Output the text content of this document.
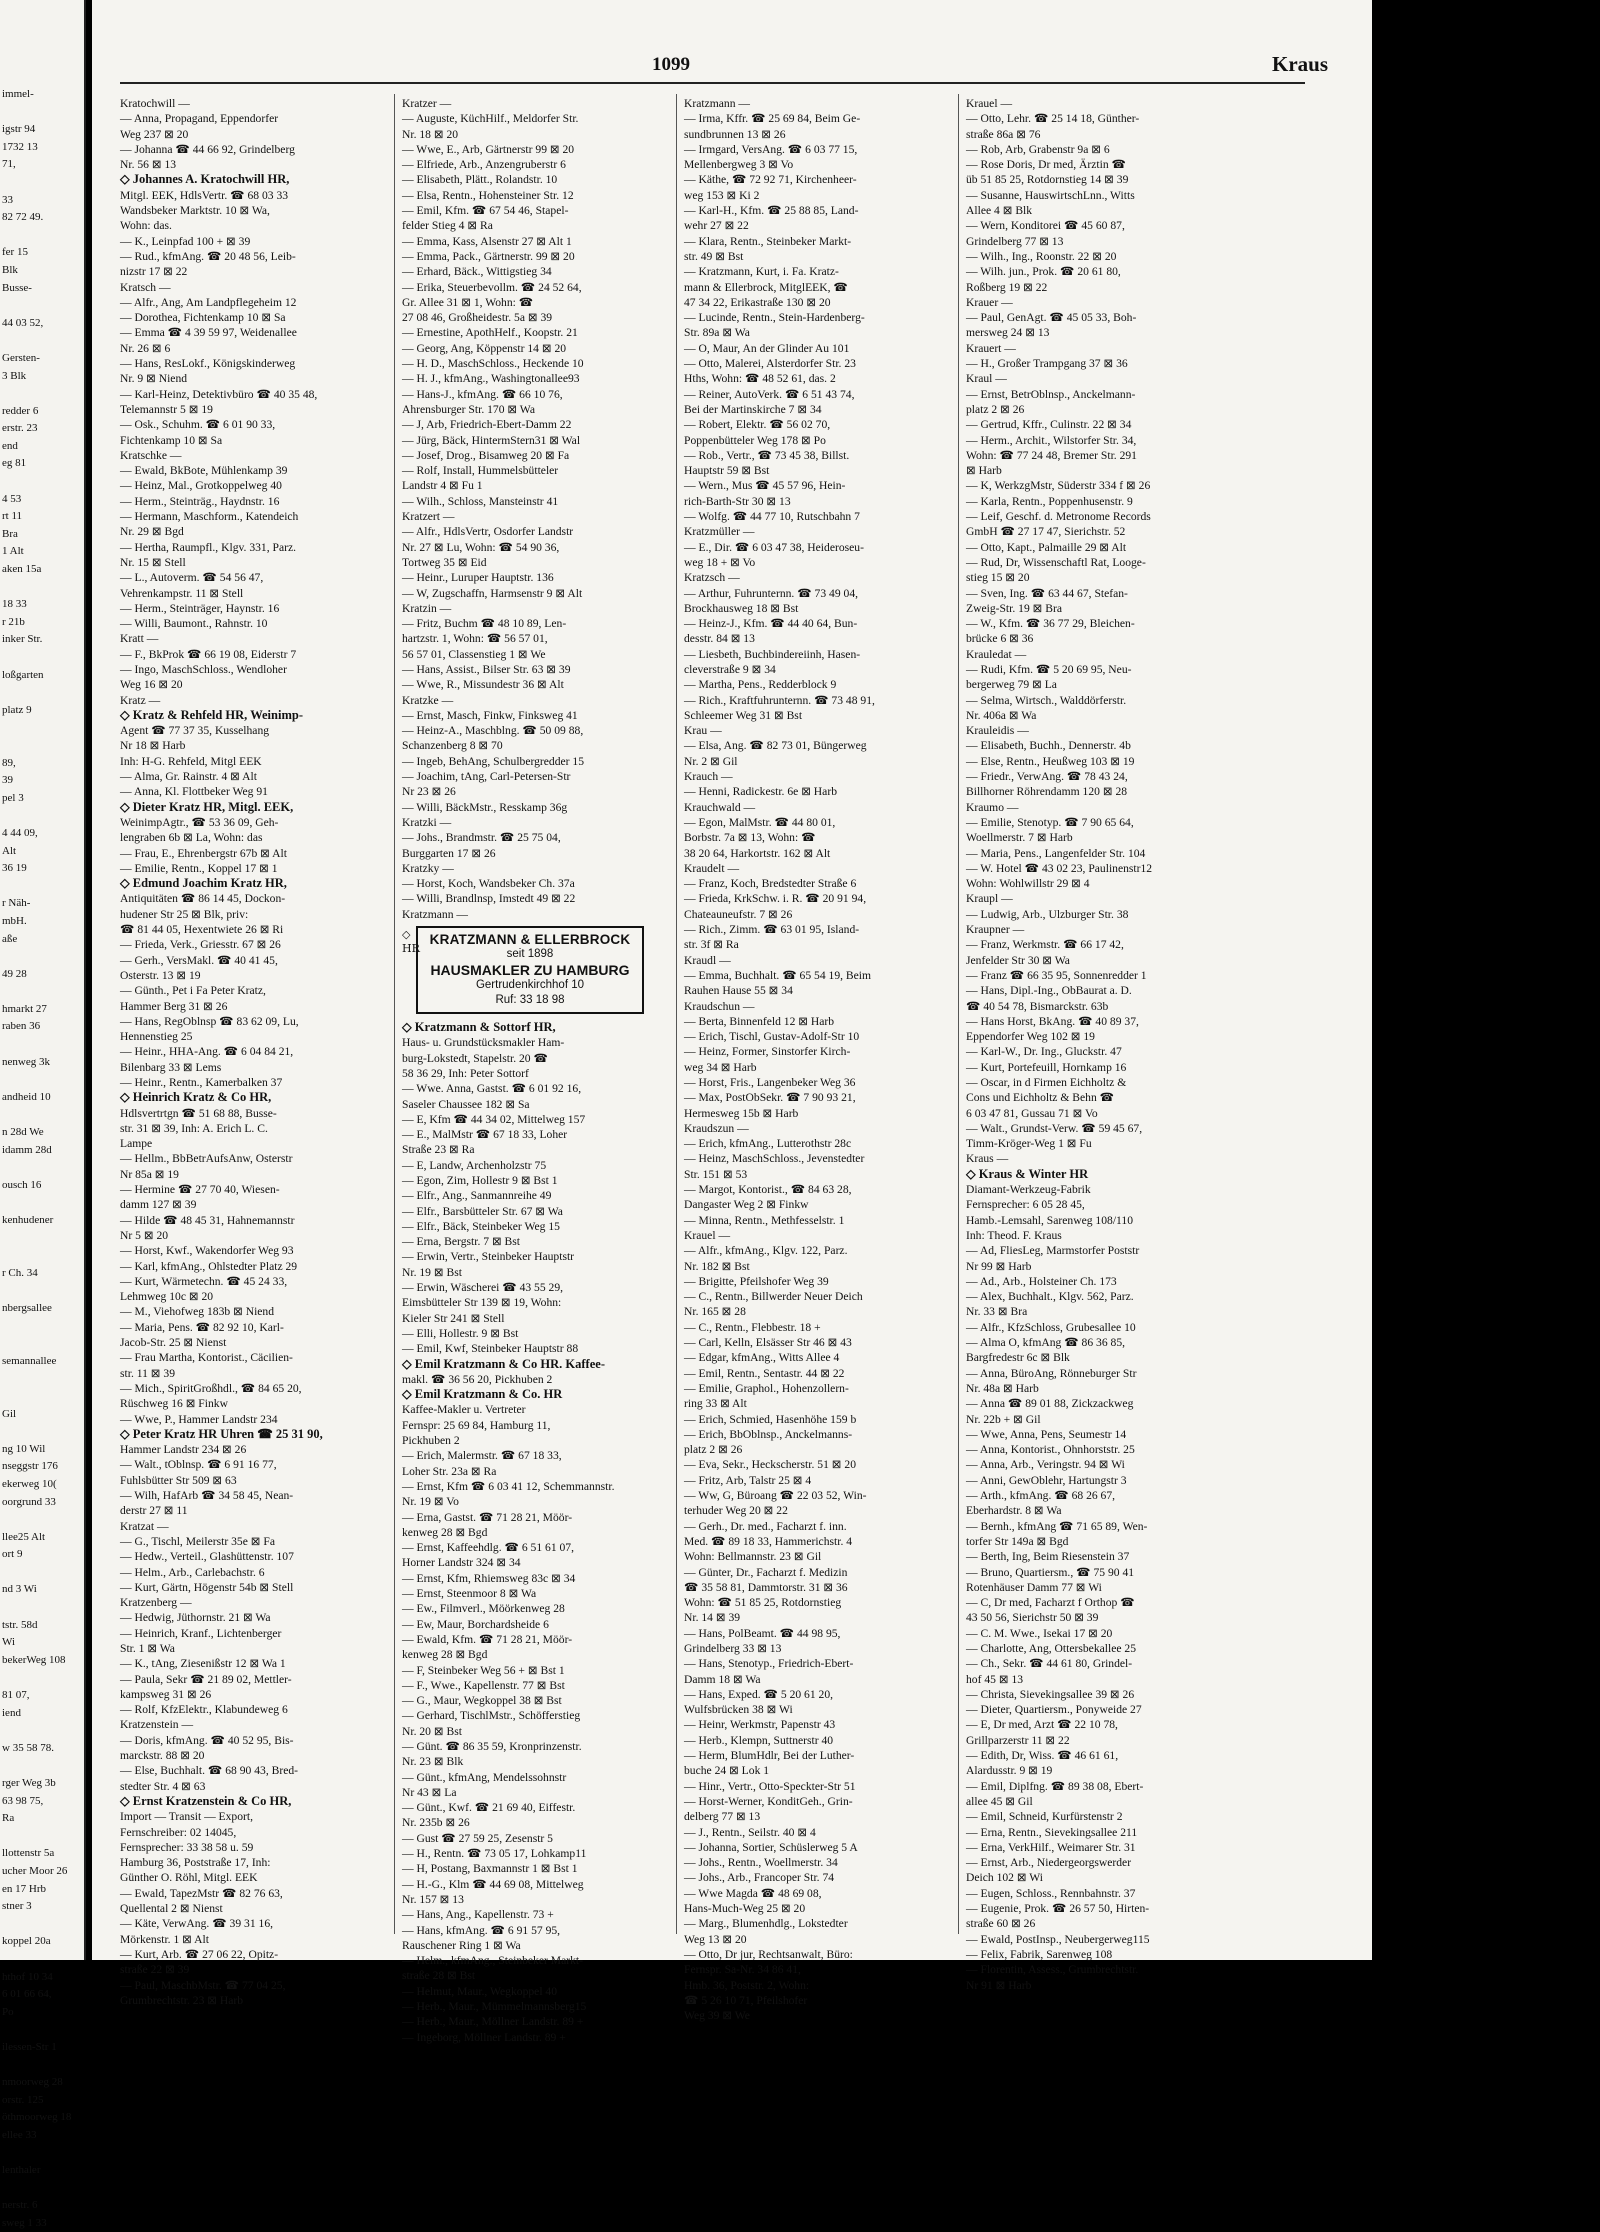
immel-

igstr 94
1732 13
71,

33
82 72 49.

fer 15
Blk
Busse-

44 03 52,

Gersten-
3 Blk

redder 6
erstr. 23
end
eg 81

4 53
rt 11
Bra
1 Alt
aken 15a

18 33
r 21b
inker Str.

loßgarten

platz 9

89,
39
pel 3

4 44 09,
Alt
36 19

r Näh-
mbH.
aße

49 28

hmarkt 27
raben 36

nenweg 3k

andheid 10

n 28d We
idamm 28d

ousch 16

kenhudener

r Ch. 34

nbergsallee

semannallee

Gil

ng 10 Wil
nseggstr 176
ekerweg 10(
oorgrund 33

llee25 Alt
ort 9

nd 3 Wi

tstr. 58d
Wi
bekerWeg 108

81 07,
iend

w 35 58 78.

rger Weg 3b
63 98 75,
Ra

llottenstr 5a
ucher Moor 26
en 17 Hrb
stner 3

koppel 20a

hthof 10 34
6 01 66 64,
Po

ilessen-Str 1

nmoorweg 28
orstr. 125
öthmoorweg 18
ellee 33

lenthaler

nerstr. 6
sweg 1 33
1099	Kraus
Kratochwill —
— Anna, Propagand, Eppendorfer
Weg 237 ⊠ 20
— Johanna ☎ 44 66 92, Grindelberg
Nr. 56 ⊠ 13
◇ Johannes A. Kratochwill HR,
Mitgl. EEK, HdlsVertr. ☎ 68 03 33
Wandsbeker Marktstr. 10 ⊠ Wa,
Wohn: das.
— K., Leinpfad 100 + ⊠ 39
— Rud., kfmAng. ☎ 20 48 56, Leib-
nizstr 17 ⊠ 22
Kratsch —
— Alfr., Ang, Am Landpflegeheim 12
— Dorothea, Fichtenkamp 10 ⊠ Sa
— Emma ☎ 4 39 59 97, Weidenallee
Nr. 26 ⊠ 6
— Hans, ResLokf., Königskinderweg
Nr. 9 ⊠ Niend
— Karl-Heinz, Detektivbüro ☎ 40 35 48,
Telemannstr 5 ⊠ 19
— Osk., Schuhm. ☎ 6 01 90 33,
Fichtenkamp 10 ⊠ Sa
Kratschke —
— Ewald, BkBote, Mühlenkamp 39
— Heinz, Mal., Grotkoppelweg 40
— Herm., Steinträg., Haydnstr. 16
— Hermann, Maschform., Katendeich
Nr. 29 ⊠ Bgd
— Hertha, Raumpfl., Klgv. 331, Parz.
Nr. 15 ⊠ Stell
— L., Autoverm. ☎ 54 56 47,
Vehrenkampstr. 11 ⊠ Stell
— Herm., Steinträger, Haynstr. 16
— Willi, Baumont., Rahnstr. 10
Kratt —
— F., BkProk ☎ 66 19 08, Eiderstr 7
— Ingo, MaschSchloss., Wendloher
Weg 16 ⊠ 20
Kratz —
◇ Kratz & Rehfeld HR, Weinimp-
Agent ☎ 77 37 35, Kusselhang
Nr 18 ⊠ Harb
Inh: H-G. Rehfeld, Mitgl EEK
— Alma, Gr. Rainstr. 4 ⊠ Alt
— Anna, Kl. Flottbeker Weg 91
◇ Dieter Kratz HR, Mitgl. EEK,
WeinimpAgtr., ☎ 53 36 09, Geh-
lengraben 6b ⊠ La, Wohn: das
— Frau, E., Ehrenbergstr 67b ⊠ Alt
— Emilie, Rentn., Koppel 17 ⊠ 1
◇ Edmund Joachim Kratz HR,
Antiquitäten ☎ 86 14 45, Dockon-
hudener Str 25 ⊠ Blk, priv:
☎ 81 44 05, Hexentwiete 26 ⊠ Ri
— Frieda, Verk., Griesstr. 67 ⊠ 26
— Gerh., VersMakl. ☎ 40 41 45,
Osterstr. 13 ⊠ 19
— Günth., Pet i Fa Peter Kratz,
Hammer Berg 31 ⊠ 26
— Hans, RegOblnsp ☎ 83 62 09, Lu,
Hennenstieg 25
— Heinr., HHA-Ang. ☎ 6 04 84 21,
Bilenbarg 33 ⊠ Lems
— Heinr., Rentn., Kamerbalken 37
◇ Heinrich Kratz & Co HR,
Hdlsvertrtgn ☎ 51 68 88, Busse-
str. 31 ⊠ 39, Inh: A. Erich L. C.
Lampe
— Hellm., BbBetrAufsAnw, Osterstr
Nr 85a ⊠ 19
— Hermine ☎ 27 70 40, Wiesen-
damm 127 ⊠ 39
— Hilde ☎ 48 45 31, Hahnemannstr
Nr 5 ⊠ 20
— Horst, Kwf., Wakendorfer Weg 93
— Karl, kfmAng., Ohlstedter Platz 29
— Kurt, Wärmetechn. ☎ 45 24 33,
Lehmweg 10c ⊠ 20
— M., Viehofweg 183b ⊠ Niend
— Maria, Pens. ☎ 82 92 10, Karl-
Jacob-Str. 25 ⊠ Nienst
— Frau Martha, Kontorist., Cäcilien-
str. 11 ⊠ 39
— Mich., SpiritGroßhdl., ☎ 84 65 20,
Rüschweg 16 ⊠ Finkw
— Wwe, P., Hammer Landstr 234
◇ Peter Kratz HR Uhren ☎ 25 31 90,
Hammer Landstr 234 ⊠ 26
— Walt., tOblnsp. ☎ 6 91 16 77,
Fuhlsbütter Str 509 ⊠ 63
— Wilh, HafArb ☎ 34 58 45, Nean-
derstr 27 ⊠ 11
Kratzat —
— G., Tischl, Meilerstr 35e ⊠ Fa
— Hedw., Verteil., Glashüttenstr. 107
— Helm., Arb., Carlebachstr. 6
— Kurt, Gärtn, Högenstr 54b ⊠ Stell
Kratzenberg —
— Hedwig, Jüthornstr. 21 ⊠ Wa
— Heinrich, Kranf., Lichtenberger
Str. 1 ⊠ Wa
— K., tAng, Ziesenißstr 12 ⊠ Wa 1
— Paula, Sekr ☎ 21 89 02, Mettler-
kampsweg 31 ⊠ 26
— Rolf, KfzElektr., Klabundeweg 6
Kratzenstein —
— Doris, kfmAng. ☎ 40 52 95, Bis-
marckstr. 88 ⊠ 20
— Else, Buchhalt. ☎ 68 90 43, Bred-
stedter Str. 4 ⊠ 63
◇ Ernst Kratzenstein & Co HR,
Import — Transit — Export,
Fernschreiber: 02 14045,
Fernsprecher: 33 38 58 u. 59
Hamburg 36, Poststraße 17, Inh:
Günther O. Röhl, Mitgl. EEK
— Ewald, TapezMstr ☎ 82 76 63,
Quellental 2 ⊠ Nienst
— Käte, VerwAng. ☎ 39 31 16,
Mörkenstr. 1 ⊠ Alt
— Kurt, Arb. ☎ 27 06 22, Opitz-
straße 22 ⊠ 39
— Paul, MaschbMstr. ☎ 77 04 25,
Grumbrechtstr. 23 ⊠ Harb
Kratzer —
— Auguste, KüchHilf., Meldorfer Str.
Nr. 18 ⊠ 20
— Wwe, E., Arb, Gärtnerstr 99 ⊠ 20
— Elfriede, Arb., Anzengruberstr 6
— Elisabeth, Plätt., Rolandstr. 10
— Elsa, Rentn., Hohensteiner Str. 12
— Emil, Kfm. ☎ 67 54 46, Stapel-
felder Stieg 4 ⊠ Ra
— Emma, Kass, Alsenstr 27 ⊠ Alt 1
— Emma, Pack., Gärtnerstr. 99 ⊠ 20
— Erhard, Bäck., Wittigstieg 34
— Erika, Steuerbevollm. ☎ 24 52 64,
Gr. Allee 31 ⊠ 1, Wohn: ☎
27 08 46, Großheidestr. 5a ⊠ 39
— Ernestine, ApothHelf., Koopstr. 21
— Georg, Ang, Köppenstr 14 ⊠ 20
— H. D., MaschSchloss., Heckende 10
— H. J., kfmAng., Washingtonallee93
— Hans-J., kfmAng. ☎ 66 10 76,
Ahrensburger Str. 170 ⊠ Wa
— J, Arb, Friedrich-Ebert-Damm 22
— Jürg, Bäck, HintermStern31 ⊠ Wal
— Josef, Drog., Bisamweg 20 ⊠ Fa
— Rolf, Install, Hummelsbütteler
Landstr 4 ⊠ Fu 1
— Wilh., Schloss, Mansteinstr 41
Kratzert —
— Alfr., HdlsVertr, Osdorfer Landstr
Nr. 27 ⊠ Lu, Wohn: ☎ 54 90 36,
Tortweg 35 ⊠ Eid
— Heinr., Luruper Hauptstr. 136
— W, Zugschaffn, Harmsenstr 9 ⊠ Alt
Kratzin —
— Fritz, Buchm ☎ 48 10 89, Len-
hartzstr. 1, Wohn: ☎ 56 57 01,
56 57 01, Classenstieg 1 ⊠ We
— Hans, Assist., Bilser Str. 63 ⊠ 39
— Wwe, R., Missundestr 36 ⊠ Alt
Kratzke —
— Ernst, Masch, Finkw, Finksweg 41
— Heinz-A., Maschblng. ☎ 50 09 88,
Schanzenberg 8 ⊠ 70
— Ingeb, BehAng, Schulbergredder 15
— Joachim, tAng, Carl-Petersen-Str
Nr 23 ⊠ 26
— Willi, BäckMstr., Resskamp 36g
Kratzki —
— Johs., Brandmstr. ☎ 25 75 04,
Burggarten 17 ⊠ 26
Kratzky —
— Horst, Koch, Wandsbeker Ch. 37a
— Willi, Brandlnsp, Imstedt 49 ⊠ 22
Kratzmann —
◇
HR
KRATZMANN & ELLERBROCK
seit 1898
HAUSMAKLER ZU HAMBURG
Gertrudenkirchhof 10
Ruf: 33 18 98
◇ Kratzmann & Sottorf HR,
Haus- u. Grundstücksmakler Ham-
burg-Lokstedt, Stapelstr. 20 ☎
58 36 29, Inh: Peter Sottorf
— Wwe. Anna, Gastst. ☎ 6 01 92 16,
Saseler Chaussee 182 ⊠ Sa
— E, Kfm ☎ 44 34 02, Mittelweg 157
— E., MalMstr ☎ 67 18 33, Loher
Straße 23 ⊠ Ra
— E, Landw, Archenholzstr 75
— Egon, Zim, Hollestr 9 ⊠ Bst 1
— Elfr., Ang., Sanmannreihe 49
— Elfr., Barsbütteler Str. 67 ⊠ Wa
— Elfr., Bäck, Steinbeker Weg 15
— Erna, Bergstr. 7 ⊠ Bst
— Erwin, Vertr., Steinbeker Hauptstr
Nr. 19 ⊠ Bst
— Erwin, Wäscherei ☎ 43 55 29,
Eimsbütteler Str 139 ⊠ 19, Wohn:
Kieler Str 241 ⊠ Stell
— Elli, Hollestr. 9 ⊠ Bst
— Emil, Kwf, Steinbeker Hauptstr 88
◇ Emil Kratzmann & Co HR. Kaffee-
makl. ☎ 36 56 20, Pickhuben 2
◇ Emil Kratzmann & Co. HR
Kaffee-Makler u. Vertreter
Fernspr: 25 69 84, Hamburg 11,
Pickhuben 2
— Erich, Malermstr. ☎ 67 18 33,
Loher Str. 23a ⊠ Ra
— Ernst, Kfm ☎ 6 03 41 12, Schemmannstr.
Nr. 19 ⊠ Vo
— Erna, Gastst. ☎ 71 28 21, Möör-
kenweg 28 ⊠ Bgd
— Ernst, Kaffeehdlg. ☎ 6 51 61 07,
Horner Landstr 324 ⊠ 34
— Ernst, Kfm, Rhiemsweg 83c ⊠ 34
— Ernst, Steenmoor 8 ⊠ Wa
— Ew., Filmverl., Möörkenweg 28
— Ew, Maur, Borchardsheide 6
— Ewald, Kfm. ☎ 71 28 21, Möör-
kenweg 28 ⊠ Bgd
— F, Steinbeker Weg 56 + ⊠ Bst 1
— F., Wwe., Kapellenstr. 77 ⊠ Bst
— G., Maur, Wegkoppel 38 ⊠ Bst
— Gerhard, TischlMstr., Schöfferstieg
Nr. 20 ⊠ Bst
— Günt. ☎ 86 35 59, Kronprinzenstr.
Nr. 23 ⊠ Blk
— Günt., kfmAng, Mendelssohnstr
Nr 43 ⊠ La
— Günt., Kwf. ☎ 21 69 40, Eiffestr.
Nr. 235b ⊠ 26
— Gust ☎ 27 59 25, Zesenstr 5
— H., Rentn. ☎ 73 05 17, Lohkamp11
— H, Postang, Baxmannstr 1 ⊠ Bst 1
— H.-G., Klm ☎ 44 69 08, Mittelweg
Nr. 157 ⊠ 13
— Hans, Ang., Kapellenstr. 73 +
— Hans, kfmAng. ☎ 6 91 57 95,
Rauschener Ring 1 ⊠ Wa
— Helm., kfmAng., Steinbeker Markt-
straße 28 ⊠ Bst
— Helmut, Maur., Wegkoppel 40
— Herb., Maur., Mümmelmannsberg15
— Herb., Maur., Möllner Landstr. 89 +
— Ingeborg, Möllner Landstr. 89 +
Kratzmann —
— Irma, Kffr. ☎ 25 69 84, Beim Ge-
sundbrunnen 13 ⊠ 26
— Irmgard, VersAng. ☎ 6 03 77 15,
Mellenbergweg 3 ⊠ Vo
— Käthe, ☎ 72 92 71, Kirchenheer-
weg 153 ⊠ Ki 2
— Karl-H., Kfm. ☎ 25 88 85, Land-
wehr 27 ⊠ 22
— Klara, Rentn., Steinbeker Markt-
str. 49 ⊠ Bst
— Kratzmann, Kurt, i. Fa. Kratz-
mann & Ellerbrock, MitglEEK, ☎
47 34 22, Erikastraße 130 ⊠ 20
— Lucinde, Rentn., Stein-Hardenberg-
Str. 89a ⊠ Wa
— O, Maur, An der Glinder Au 101
— Otto, Malerei, Alsterdorfer Str. 23
Hths, Wohn: ☎ 48 52 61, das. 2
— Reiner, AutoVerk. ☎ 6 51 43 74,
Bei der Martinskirche 7 ⊠ 34
— Robert, Elektr. ☎ 56 02 70,
Poppenbütteler Weg 178 ⊠ Po
— Rob., Vertr., ☎ 73 45 38, Billst.
Hauptstr 59 ⊠ Bst
— Wern., Mus ☎ 45 57 96, Hein-
rich-Barth-Str 30 ⊠ 13
— Wolfg. ☎ 44 77 10, Rutschbahn 7
Kratzmüller —
— E., Dir. ☎ 6 03 47 38, Heideroseu-
weg 18 + ⊠ Vo
Kratzsch —
— Arthur, Fuhrunternn. ☎ 73 49 04,
Brockhausweg 18 ⊠ Bst
— Heinz-J., Kfm. ☎ 44 40 64, Bun-
desstr. 84 ⊠ 13
— Liesbeth, Buchbindereiinh, Hasen-
cleverstraße 9 ⊠ 34
— Martha, Pens., Redderblock 9
— Rich., Kraftfuhrunternn. ☎ 73 48 91,
Schleemer Weg 31 ⊠ Bst
Krau —
— Elsa, Ang. ☎ 82 73 01, Büngerweg
Nr. 2 ⊠ Gil
Krauch —
— Henni, Radickestr. 6e ⊠ Harb
Krauchwald —
— Egon, MalMstr. ☎ 44 80 01,
Borbstr. 7a ⊠ 13, Wohn: ☎
38 20 64, Harkortstr. 162 ⊠ Alt
Kraudelt —
— Franz, Koch, Bredstedter Straße 6
— Frieda, KrkSchw. i. R. ☎ 20 91 94,
Chateauneufstr. 7 ⊠ 26
— Rich., Zimm. ☎ 63 01 95, Island-
str. 3f ⊠ Ra
Kraudl —
— Emma, Buchhalt. ☎ 65 54 19, Beim
Rauhen Hause 55 ⊠ 34
Kraudschun —
— Berta, Binnenfeld 12 ⊠ Harb
— Erich, Tischl, Gustav-Adolf-Str 10
— Heinz, Former, Sinstorfer Kirch-
weg 34 ⊠ Harb
— Horst, Fris., Langenbeker Weg 36
— Max, PostObSekr. ☎ 7 90 93 21,
Hermesweg 15b ⊠ Harb
Kraudszun —
— Erich, kfmAng., Lutterothstr 28c
— Heinz, MaschSchloss., Jevenstedter
Str. 151 ⊠ 53
— Margot, Kontorist., ☎ 84 63 28,
Dangaster Weg 2 ⊠ Finkw
— Minna, Rentn., Methfesselstr. 1
Krauel —
— Alfr., kfmAng., Klgv. 122, Parz.
Nr. 182 ⊠ Bst
— Brigitte, Pfeilshofer Weg 39
— C., Rentn., Billwerder Neuer Deich
Nr. 165 ⊠ 28
— C., Rentn., Flebbestr. 18 +
— Carl, Kelln, Elsässer Str 46 ⊠ 43
— Edgar, kfmAng., Witts Allee 4
— Emil, Rentn., Sentastr. 44 ⊠ 22
— Emilie, Graphol., Hohenzollern-
ring 33 ⊠ Alt
— Erich, Schmied, Hasenhöhe 159 b
— Erich, BbOblnsp., Anckelmanns-
platz 2 ⊠ 26
— Eva, Sekr., Heckscherstr. 51 ⊠ 20
— Fritz, Arb, Talstr 25 ⊠ 4
— Ww, G, Büroang ☎ 22 03 52, Win-
terhuder Weg 20 ⊠ 22
— Gerh., Dr. med., Facharzt f. inn.
Med. ☎ 89 18 33, Hammerichstr. 4
Wohn: Bellmannstr. 23 ⊠ Gil
— Günter, Dr., Facharzt f. Medizin
☎ 35 58 81, Dammtorstr. 31 ⊠ 36
Wohn: ☎ 51 85 25, Rotdornstieg
Nr. 14 ⊠ 39
— Hans, PolBeamt. ☎ 44 98 95,
Grindelberg 33 ⊠ 13
— Hans, Stenotyp., Friedrich-Ebert-
Damm 18 ⊠ Wa
— Hans, Exped. ☎ 5 20 61 20,
Wulfsbrücken 38 ⊠ Wi
— Heinr, Werkmstr, Papenstr 43
— Herb., Klempn, Suttnerstr 40
— Herm, BlumHdlr, Bei der Luther-
buche 24 ⊠ Lok 1
— Hinr., Vertr., Otto-Speckter-Str 51
— Horst-Werner, KonditGeh., Grin-
delberg 77 ⊠ 13
— J., Rentn., Seilstr. 40 ⊠ 4
— Johanna, Sortier, Schüslerweg 5 A
— Johs., Rentn., Woellmerstr. 34
— Johs., Arb., Francoper Str. 74
— Wwe Magda ☎ 48 69 08,
Hans-Much-Weg 25 ⊠ 20
— Marg., Blumenhdlg., Lokstedter
Weg 13 ⊠ 20
— Otto, Dr jur, Rechtsanwalt, Büro:
Fernspr. Sa-Nr. 34 86 41,
Hmb. 36, Poststr. 2, Wohn:
☎ 5 26 10 71, Pfeilshofer
Weg 39 ⊠ We
Krauel —
— Otto, Lehr. ☎ 25 14 18, Günther-
straße 86a ⊠ 76
— Rob, Arb, Grabenstr 9a ⊠ 6
— Rose Doris, Dr med, Ärztin ☎
üb 51 85 25, Rotdornstieg 14 ⊠ 39
— Susanne, HauswirtschLnn., Witts
Allee 4 ⊠ Blk
— Wern, Konditorei ☎ 45 60 87,
Grindelberg 77 ⊠ 13
— Wilh., Ing., Roonstr. 22 ⊠ 20
— Wilh. jun., Prok. ☎ 20 61 80,
Roßberg 19 ⊠ 22
Krauer —
— Paul, GenAgt. ☎ 45 05 33, Boh-
mersweg 24 ⊠ 13
Krauert —
— H., Großer Trampgang 37 ⊠ 36
Kraul —
— Ernst, BetrOblnsp., Anckelmann-
platz 2 ⊠ 26
— Gertrud, Kffr., Culinstr. 22 ⊠ 34
— Herm., Archit., Wilstorfer Str. 34,
Wohn: ☎ 77 24 48, Bremer Str. 291
⊠ Harb
— K, WerkzgMstr, Süderstr 334 f ⊠ 26
— Karla, Rentn., Poppenhusenstr. 9
— Leif, Geschf. d. Metronome Records
GmbH ☎ 27 17 47, Sierichstr. 52
— Otto, Kapt., Palmaille 29 ⊠ Alt
— Rud, Dr, Wissenschaftl Rat, Looge-
stieg 15 ⊠ 20
— Sven, Ing. ☎ 63 44 67, Stefan-
Zweig-Str. 19 ⊠ Bra
— W., Kfm. ☎ 36 77 29, Bleichen-
brücke 6 ⊠ 36
Krauledat —
— Rudi, Kfm. ☎ 5 20 69 95, Neu-
bergerweg 79 ⊠ La
— Selma, Wirtsch., Walddörferstr.
Nr. 406a ⊠ Wa
Krauleidis —
— Elisabeth, Buchh., Dennerstr. 4b
— Else, Rentn., Heußweg 103 ⊠ 19
— Friedr., VerwAng. ☎ 78 43 24,
Billhorner Röhrendamm 120 ⊠ 28
Kraumo —
— Emilie, Stenotyp. ☎ 7 90 65 64,
Woellmerstr. 7 ⊠ Harb
— Maria, Pens., Langenfelder Str. 104
— W. Hotel ☎ 43 02 23, Paulinenstr12
Wohn: Wohlwillstr 29 ⊠ 4
Kraupl —
— Ludwig, Arb., Ulzburger Str. 38
Kraupner —
— Franz, Werkmstr. ☎ 66 17 42,
Jenfelder Str 30 ⊠ Wa
— Franz ☎ 66 35 95, Sonnenredder 1
— Hans, Dipl.-Ing., ObBaurat a. D.
☎ 40 54 78, Bismarckstr. 63b
— Hans Horst, BkAng. ☎ 40 89 37,
Eppendorfer Weg 102 ⊠ 19
— Karl-W., Dr. Ing., Gluckstr. 47
— Kurt, Portefeuill, Hornkamp 16
— Oscar, in d Firmen Eichholtz &
Cons und Eichholtz & Behn ☎
6 03 47 81, Gussau 71 ⊠ Vo
— Walt., Grundst-Verw. ☎ 59 45 67,
Timm-Kröger-Weg 1 ⊠ Fu
Kraus —
◇ Kraus & Winter HR
Diamant-Werkzeug-Fabrik
Fernsprecher: 6 05 28 45,
Hamb.-Lemsahl, Sarenweg 108/110
Inh: Theod. F. Kraus
— Ad, FliesLeg, Marmstorfer Poststr
Nr 99 ⊠ Harb
— Ad., Arb., Holsteiner Ch. 173
— Alex, Buchhalt., Klgv. 562, Parz.
Nr. 33 ⊠ Bra
— Alfr., KfzSchloss, Grubesallee 10
— Alma O, kfmAng ☎ 86 36 85,
Bargfredestr 6c ⊠ Blk
— Anna, BüroAng, Rönneburger Str
Nr. 48a ⊠ Harb
— Anna ☎ 89 01 88, Zickzackweg
Nr. 22b + ⊠ Gil
— Wwe, Anna, Pens, Seumestr 14
— Anna, Kontorist., Ohnhorststr. 25
— Anna, Arb., Veringstr. 94 ⊠ Wi
— Anni, GewOblehr, Hartungstr 3
— Arth., kfmAng. ☎ 68 26 67,
Eberhardstr. 8 ⊠ Wa
— Bernh., kfmAng ☎ 71 65 89, Wen-
torfer Str 149a ⊠ Bgd
— Berth, Ing, Beim Riesenstein 37
— Bruno, Quartiersm., ☎ 75 90 41
Rotenhäuser Damm 77 ⊠ Wi
— C, Dr med, Facharzt f Orthop ☎
43 50 56, Sierichstr 50 ⊠ 39
— C. M. Wwe., Isekai 17 ⊠ 20
— Charlotte, Ang, Ottersbekallee 25
— Ch., Sekr. ☎ 44 61 80, Grindel-
hof 45 ⊠ 13
— Christa, Sievekingsallee 39 ⊠ 26
— Dieter, Quartiersm., Ponyweide 27
— E, Dr med, Arzt ☎ 22 10 78,
Grillparzerstr 11 ⊠ 22
— Edith, Dr, Wiss. ☎ 46 61 61,
Alardusstr. 9 ⊠ 19
— Emil, Diplfng. ☎ 89 38 08, Ebert-
allee 45 ⊠ Gil
— Emil, Schneid, Kurfürstenstr 2
— Erna, Rentn., Sievekingsallee 211
— Erna, VerkHilf., Weimarer Str. 31
— Ernst, Arb., Niedergeorgswerder
Deich 102 ⊠ Wi
— Eugen, Schloss., Rennbahnstr. 37
— Eugenie, Prok. ☎ 26 57 50, Hirten-
straße 60 ⊠ 26
— Ewald, PostInsp., Neubergerweg115
— Felix, Fabrik, Sarenweg 108
— Florentin, Assess., Grumbrechtstr.
Nr 91 ⊠ Harb
